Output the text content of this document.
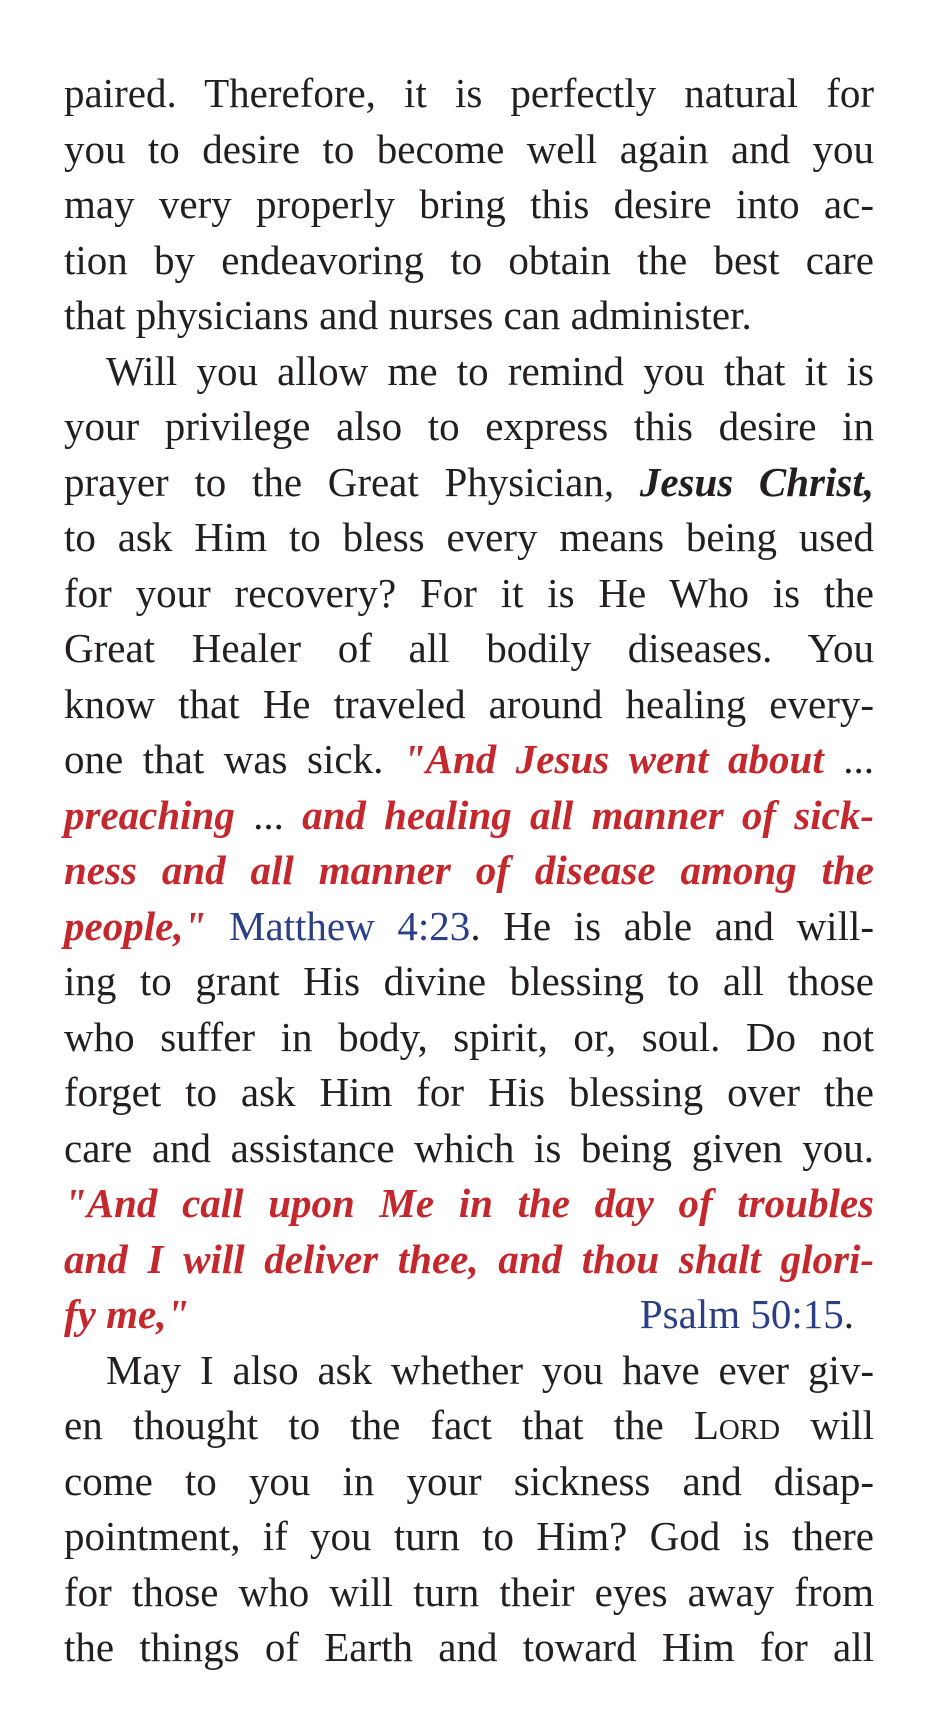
paired. Therefore, it is perfectly natural for
you to desire to become well again and you
may very properly bring this desire into ac-
tion by endeavoring to obtain the best care
that physicians and nurses can administer.
Will you allow me to remind you that it is
your privilege also to express this desire in
prayer to the Great Physician, Jesus Christ,
to ask Him to bless every means being used
for your recovery? For it is He Who is the
Great Healer of all bodily diseases. You
know that He traveled around healing every-
one that was sick. "And Jesus went about ...
preaching ... and healing all manner of sick-
ness and all manner of disease among the
people," Matthew 4:23. He is able and will-
ing to grant His divine blessing to all those
who suffer in body, spirit, or, soul. Do not
forget to ask Him for His blessing over the
care and assistance which is being given you.
"And call upon Me in the day of troubles
and I will deliver thee, and thou shalt glori-
fy me,"	Psalm 50:15.
May I also ask whether you have ever giv-
en thought to the fact that the Lord will
come to you in your sickness and disap-
pointment, if you turn to Him? God is there
for those who will turn their eyes away from
the things of Earth and toward Him for all
